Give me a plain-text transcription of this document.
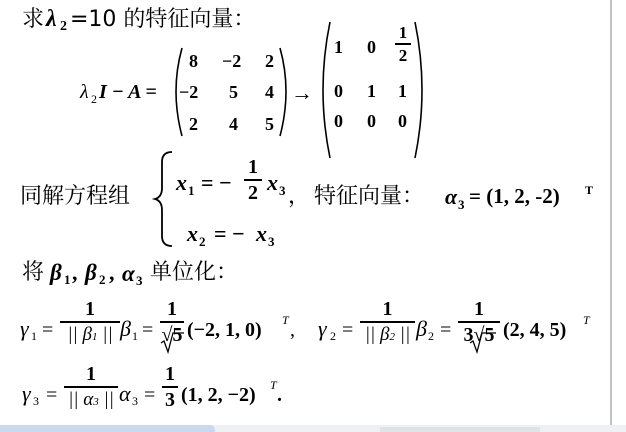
求 λ 2 =10 的特征向量：
λ 2 I − A =
8 −2 2
−2 5 4
2 4 5
→
1 0
1
2
0 1 1
0 0 0
同解方程组
x 1 = −
1
2 x 3 ，
x 2 = − x 3
特征向量： α 3 = (1, 2, -2) T
将 β 1 , β 2 , α 3 单位化：
γ 1 =
1
|| β1 || β 1 =
1
√5 (−2, 1, 0) T , γ 2 =
1
|| β2 || β 2 =
1
3√5 (2, 4, 5) T
γ 3 =
1
|| α3 || α 3 =
1
3 (1, 2, −2) T .
